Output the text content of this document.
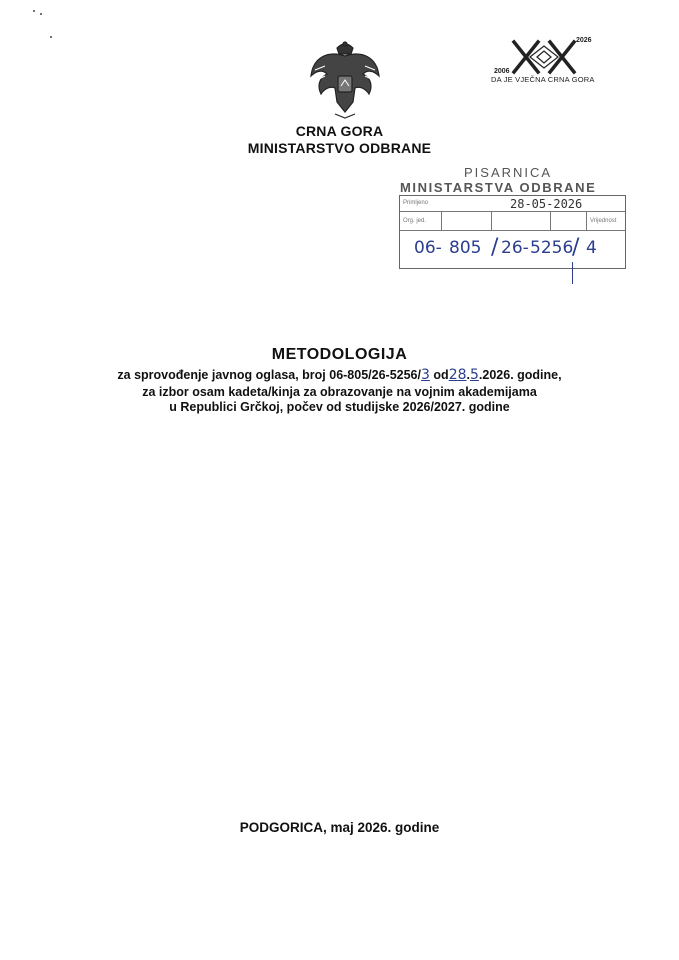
2006
2026
DA JE VJEČNA CRNA GORA
CRNA GORA
MINISTARSTVO ODBRANE
PISARNICA
MINISTARSTVA ODBRANE
Primljeno	28-05-2026
Org. jed.	Vrijednost
06- 805 / 26- 5256
/ 4
METODOLOGIJA
za sprovođenje javnog oglasa, broj 06-805/26-5256/3 od28.5.2026. godine,
za izbor osam kadeta/kinja za obrazovanje na vojnim akademijama
u Republici Grčkoj, počev od studijske 2026/2027. godine
PODGORICA, maj 2026. godine
